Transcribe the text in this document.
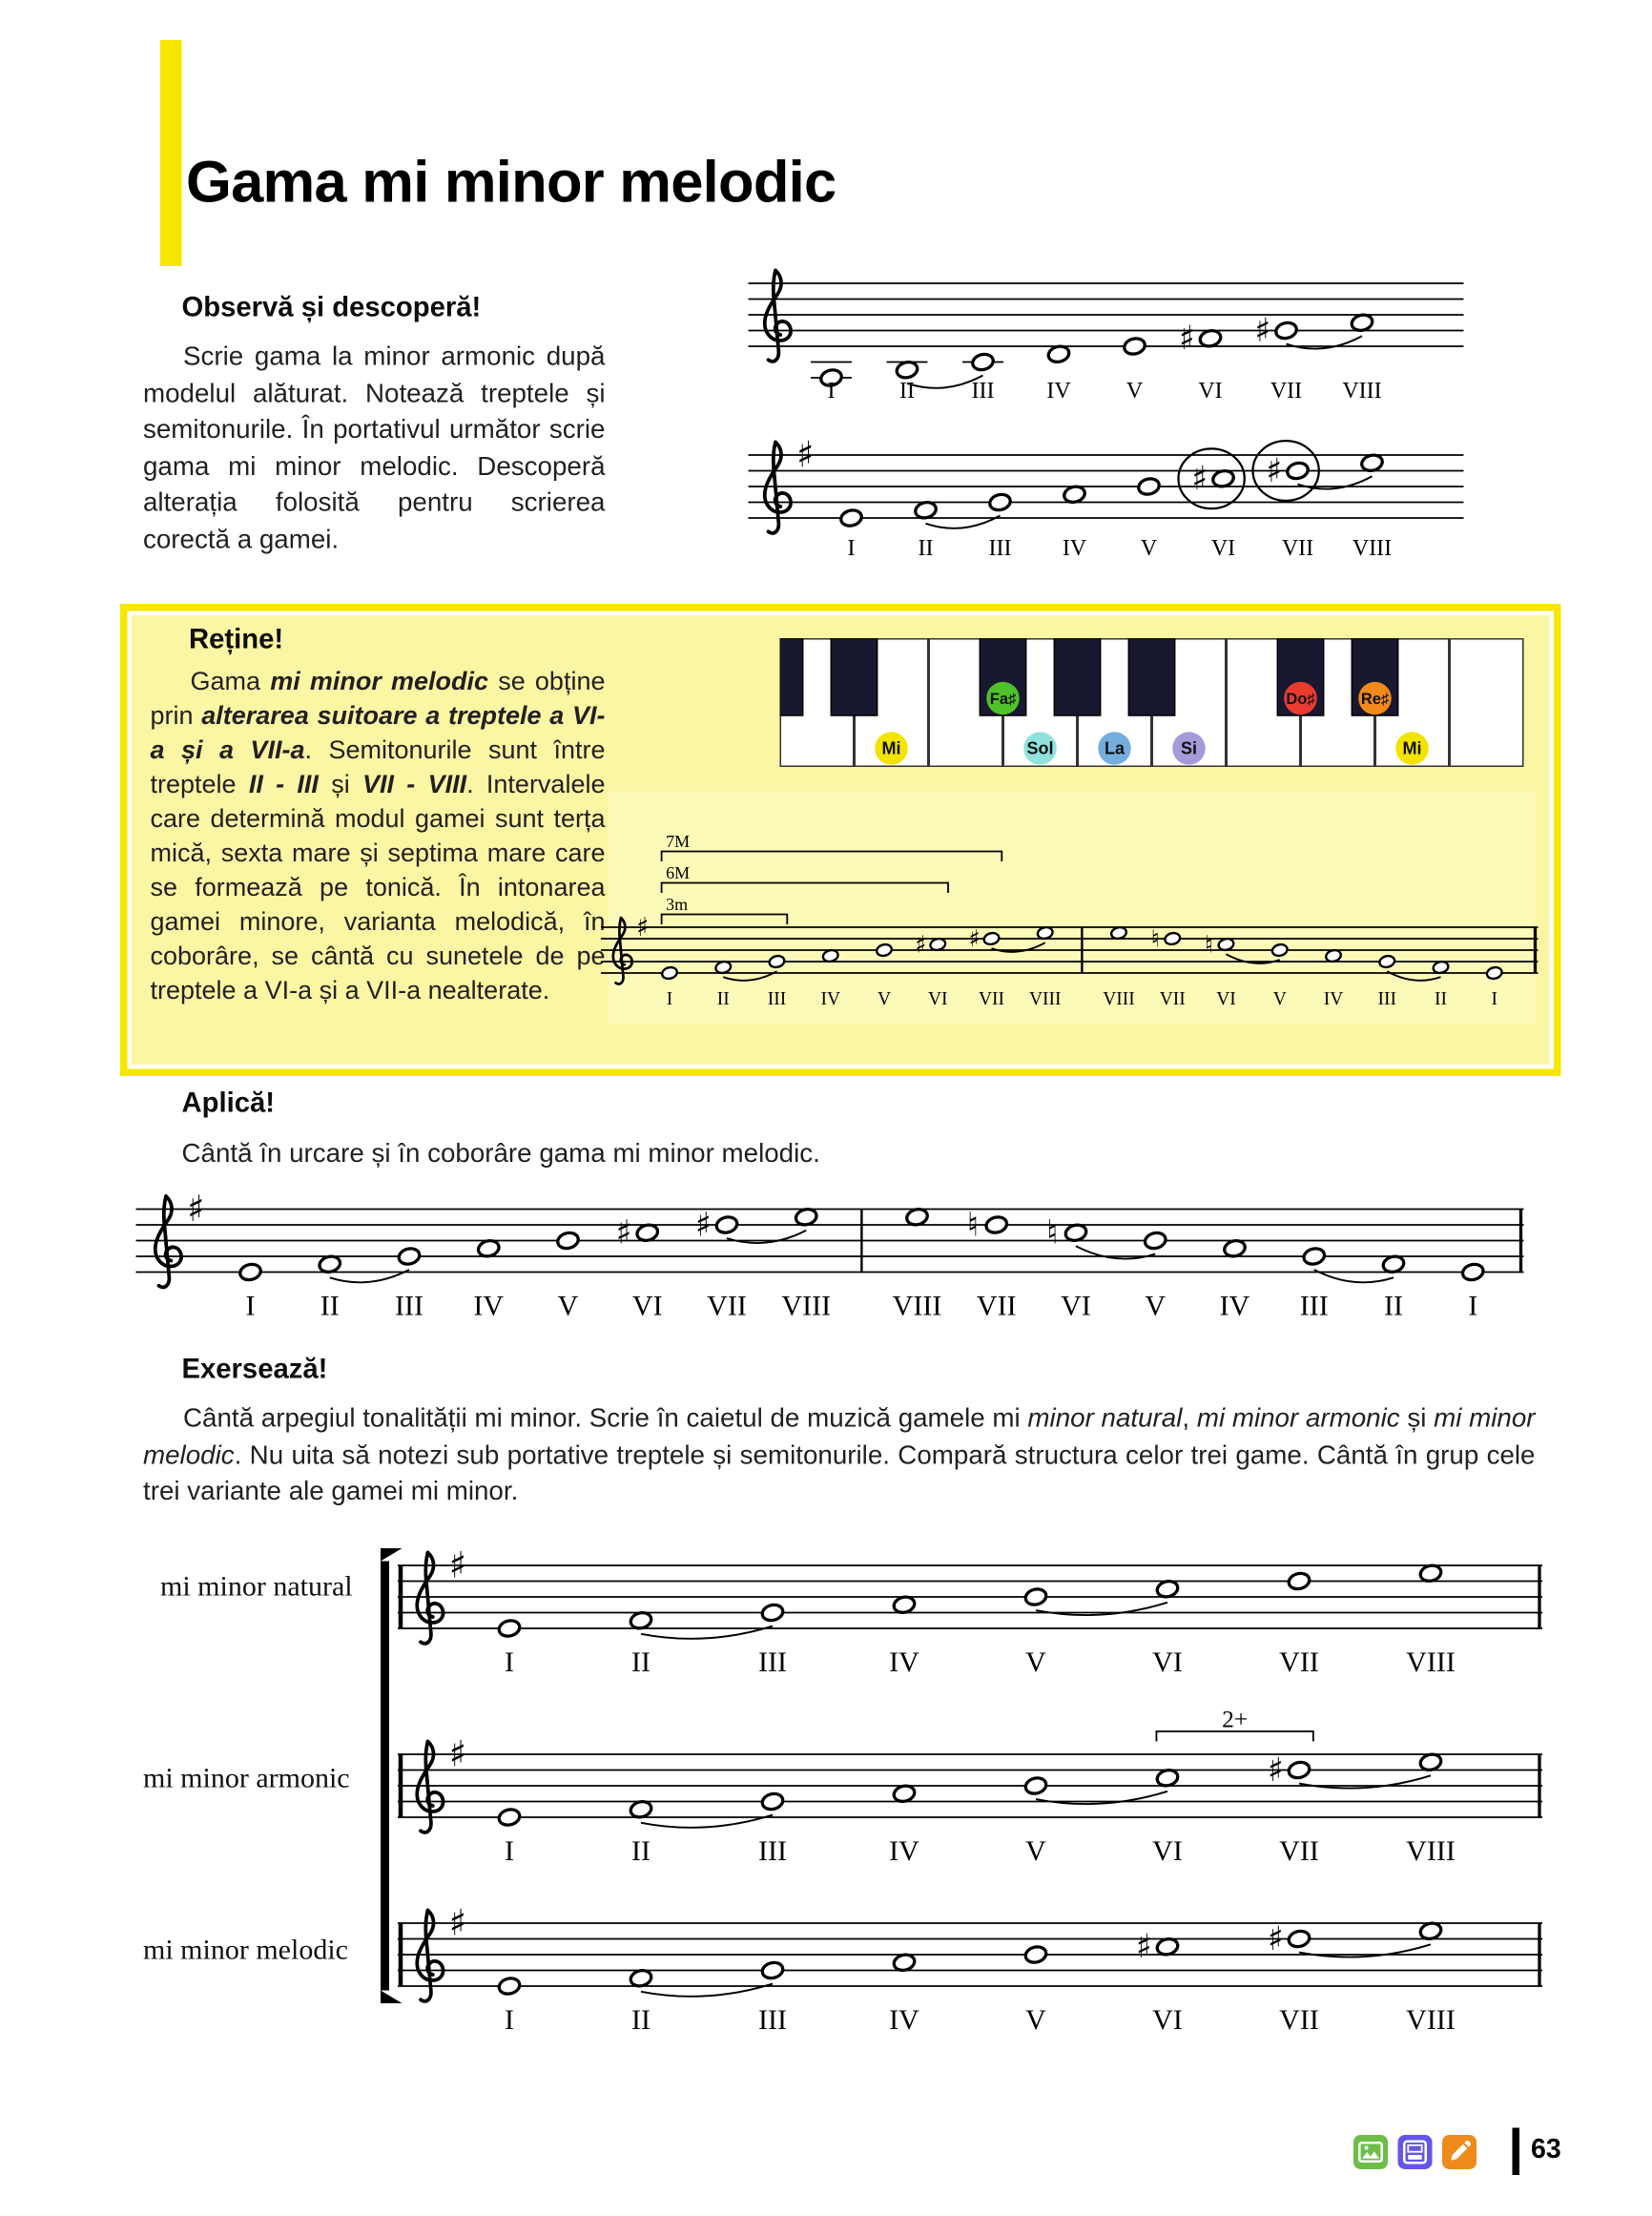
Gama mi minor melodic
Observă și descoperă!

Scrie gama la minor armonic după modelul alăturat. Notează treptele și semitonurile. În portativul următor scrie gama mi minor melodic. Descoperă alterația folosită pentru scrierea corectă a gamei.

♯	♯
I	II	III	IV	V	VI	VII	VIII
♯
♯	♯
I	II	III	IV	V	VI	VII	VIII
Reține!

Gama mi minor melodic se obține prin alterarea suitoare a treptele a VI-a și a VII-a. Semitonurile sunt între treptele II - III și VII - VIII. Intervalele care determină modul gamei sunt terța mică, sexta mare și septima mare care se formează pe tonică. În intonarea gamei minore, varianta melodică, în coborâre, se cântă cu sunetele de pe treptele a VI-a și a VII-a nealterate.

Fa♯	Do♯	Re♯
Mi	Sol	La	Si	Mi
♯
♯	♯	♮	♮
7M
6M
3m
I	II	III	IV	V	VI VII VIII	VIII VII VI	V	IV	III	II	I
Aplică!

Cântă în urcare și în coborâre gama mi minor melodic.

♯
♯	♯	♮	♮
I	II	III	IV	V	VI VII VIII	VIII VII VI	V	IV	III	II	I
Exersează!

Cântă arpegiul tonalității mi minor. Scrie în caietul de muzică gamele mi minor natural, mi minor armonic și mi minor melodic. Nu uita să notezi sub portative treptele și semitonurile. Compară structura celor trei game. Cântă în grup cele trei variante ale gamei mi minor.

mi minor natural
mi minor armonic
mi minor melodic
♯
I	II	III	IV	V	VI	VII	VIII
♯	♯
2+
I	II	III	IV	V	VI	VII	VIII
♯
♯	♯
I	II	III	IV	V	VI	VII	VIII
63
